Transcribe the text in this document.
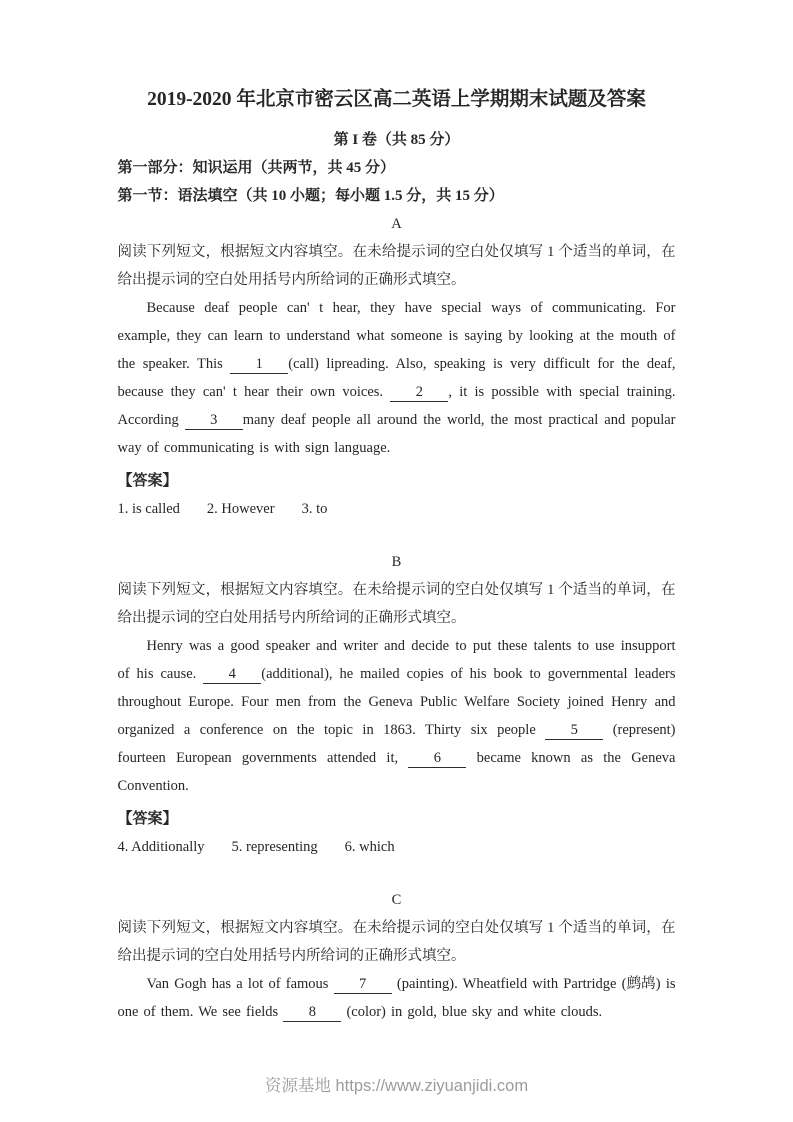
2019-2020 年北京市密云区高二英语上学期期末试题及答案

第 I 卷（共 85 分）

第一部分：知识运用（共两节，共 45 分）

第一节：语法填空（共 10 小题；每小题 1.5 分，共 15 分）

A

阅读下列短文，根据短文内容填空。在未给提示词的空白处仅填写 1 个适当的单词，在给出提示词的空白处用括号内所给词的正确形式填空。

Because deaf people can' t hear, they have special ways of communicating. For example, they can learn to understand what someone is saying by looking at the mouth of the speaker. This 1 (call) lipreading. Also, speaking is very difficult for the deaf, because they can' t hear their own voices. 2 , it is possible with special training. According 3 many deaf people all around the world, the most practical and popular way of communicating is with sign language.

【答案】
1. is called 2. However 3. to

B

阅读下列短文，根据短文内容填空。在未给提示词的空白处仅填写 1 个适当的单词，在给出提示词的空白处用括号内所给词的正确形式填空。

Henry was a good speaker and writer and decide to put these talents to use insupport of his cause. 4 (additional), he mailed copies of his book to governmental leaders throughout Europe. Four men from the Geneva Public Welfare Society joined Henry and organized a conference on the topic in 1863. Thirty six people 5 (represent) fourteen European governments attended it, 6 became known as the Geneva Convention.

【答案】
4. Additionally 5. representing 6. which

C

阅读下列短文，根据短文内容填空。在未给提示词的空白处仅填写 1 个适当的单词，在给出提示词的空白处用括号内所给词的正确形式填空。

Van Gogh has a lot of famous 7 (painting). Wheatfield with Partridge (鹧鸪) is one of them. We see fields 8 (color) in gold, blue sky and white clouds.

资源基地 https://www.ziyuanjidi.com
